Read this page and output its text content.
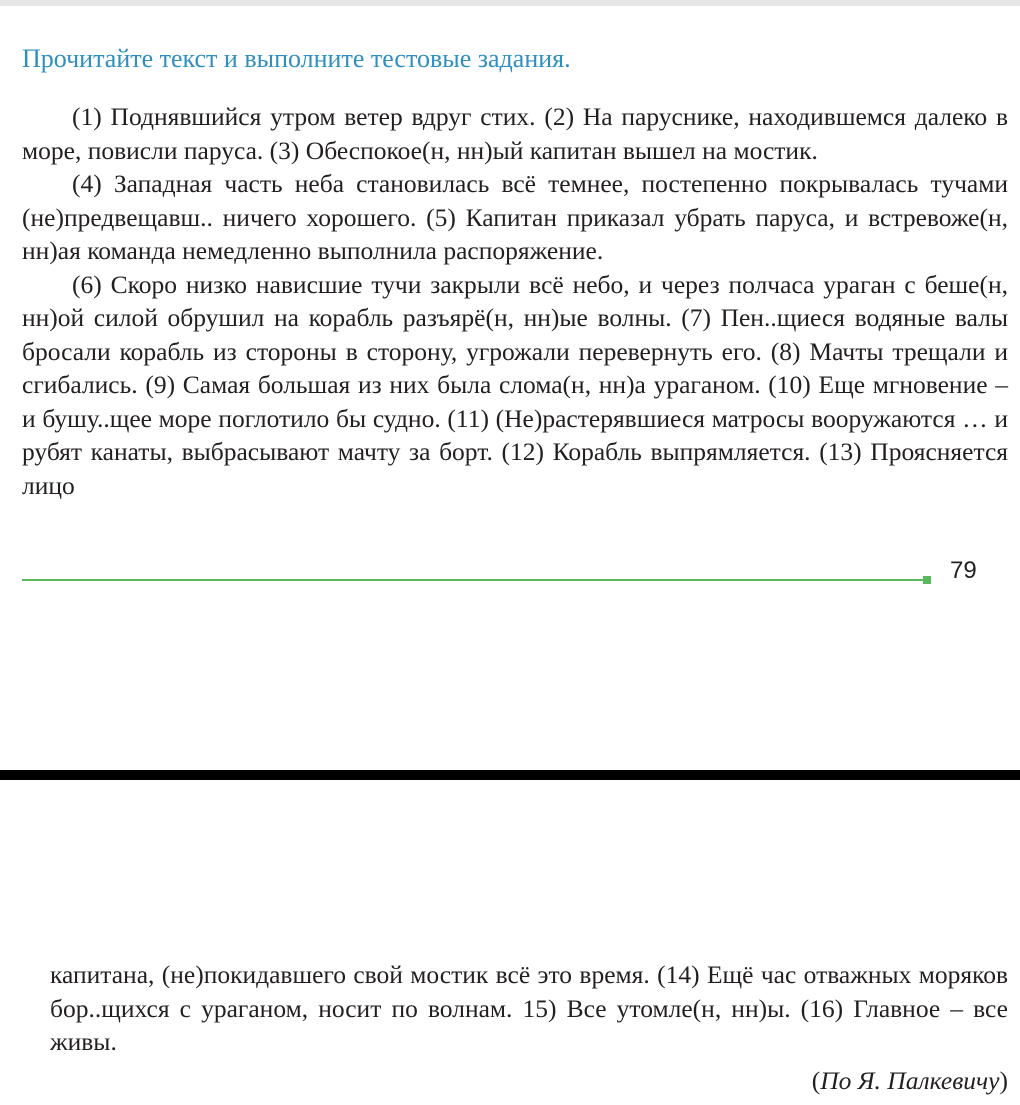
Прочитайте текст и выполните тестовые задания.

(1) Поднявшийся утром ветер вдруг стих. (2) На паруснике, находившемся далеко в море, повисли паруса. (3) Обеспокое(н, нн)ый капитан вышел на мостик.

(4) Западная часть неба становилась всё темнее, постепенно покрывалась тучами (не)предвещавш.. ничего хорошего. (5) Капитан приказал убрать паруса, и встревоже(н, нн)ая команда немедленно выполнила распоряжение.

(6) Скоро низко нависшие тучи закрыли всё небо, и через полчаса ураган с беше(н, нн)ой силой обрушил на корабль разъярё(н, нн)ые волны. (7) Пен..щиеся водяные валы бросали корабль из стороны в сторону, угрожали перевернуть его. (8) Мачты трещали и сгибались. (9) Самая большая из них была слома(н, нн)а ураганом. (10) Еще мгновение – и бушу..щее море поглотило бы судно. (11) (Не)растерявшиеся матросы вооружаются … и рубят канаты, выбрасывают мачту за борт. (12) Корабль выпрямляется. (13) Проясняется лицо

79

капитана, (не)покидавшего свой мостик всё это время. (14) Ещё час отважных моряков бор..щихся с ураганом, носит по волнам. 15) Все утомле(н, нн)ы. (16) Главное – все живы.

(По Я. Палкевичу)
